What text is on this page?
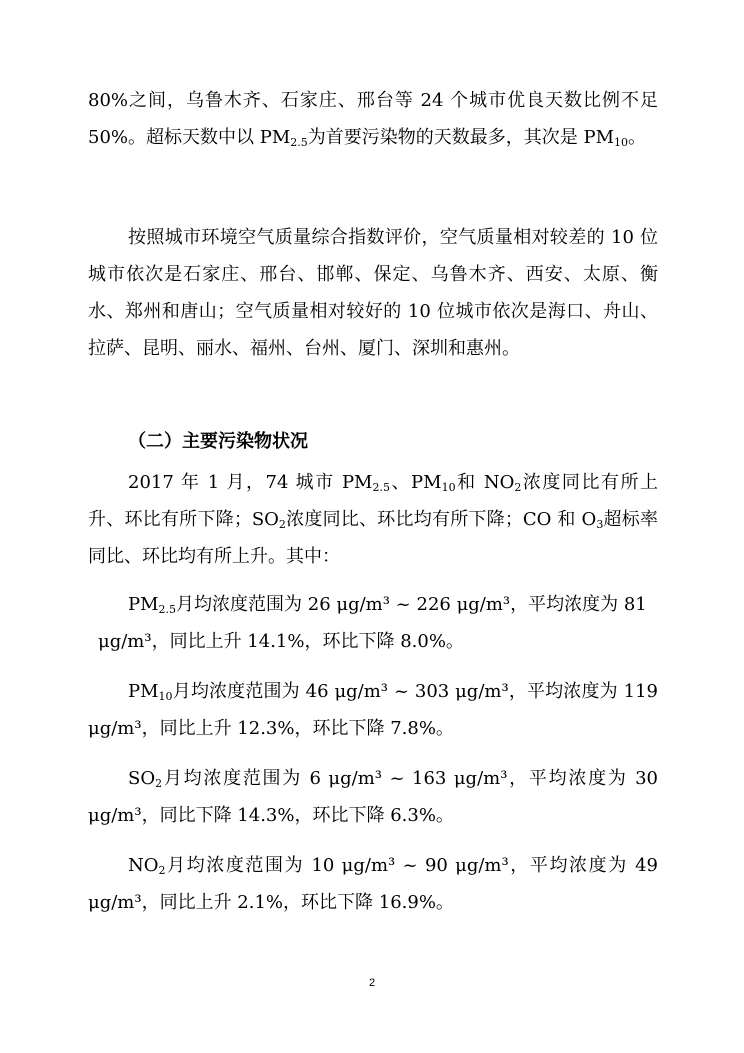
80%之间，乌鲁木齐、石家庄、邢台等 24 个城市优良天数比例不足 50%。超标天数中以 $PM_{2.5}$为首要污染物的天数最多，其次是 $PM_{10}$。
按照城市环境空气质量综合指数评价，空气质量相对较差的 10 位城市依次是石家庄、邢台、邯郸、保定、乌鲁木齐、西安、太原、衡水、郑州和唐山；空气质量相对较好的 10 位城市依次是海口、舟山、拉萨、昆明、丽水、福州、台州、厦门、深圳和惠州。
（二）主要污染物状况
2017 年 1 月，74 城市 $PM_{2.5}$、$PM_{10}$和 $NO_2$浓度同比有所上升、环比有所下降；$SO_2$浓度同比、环比均有所下降；CO 和 $O_3$超标率同比、环比均有所上升。其中：
$PM_{2.5}$月均浓度范围为 26 μg/m³ ~ 226 μg/m³，平均浓度为 81
μg/m³，同比上升 14.1%，环比下降 8.0%。
$PM_{10}$月均浓度范围为 46 μg/m³ ~ 303 μg/m³，平均浓度为 119 μg/m³，同比上升 12.3%，环比下降 7.8%。
$SO_2$月均浓度范围为 6 μg/m³ ~ 163 μg/m³，平均浓度为 30 μg/m³，同比下降 14.3%，环比下降 6.3%。
$NO_2$月均浓度范围为 10 μg/m³ ~ 90 μg/m³，平均浓度为 49 μg/m³，同比上升 2.1%，环比下降 16.9%。
2
